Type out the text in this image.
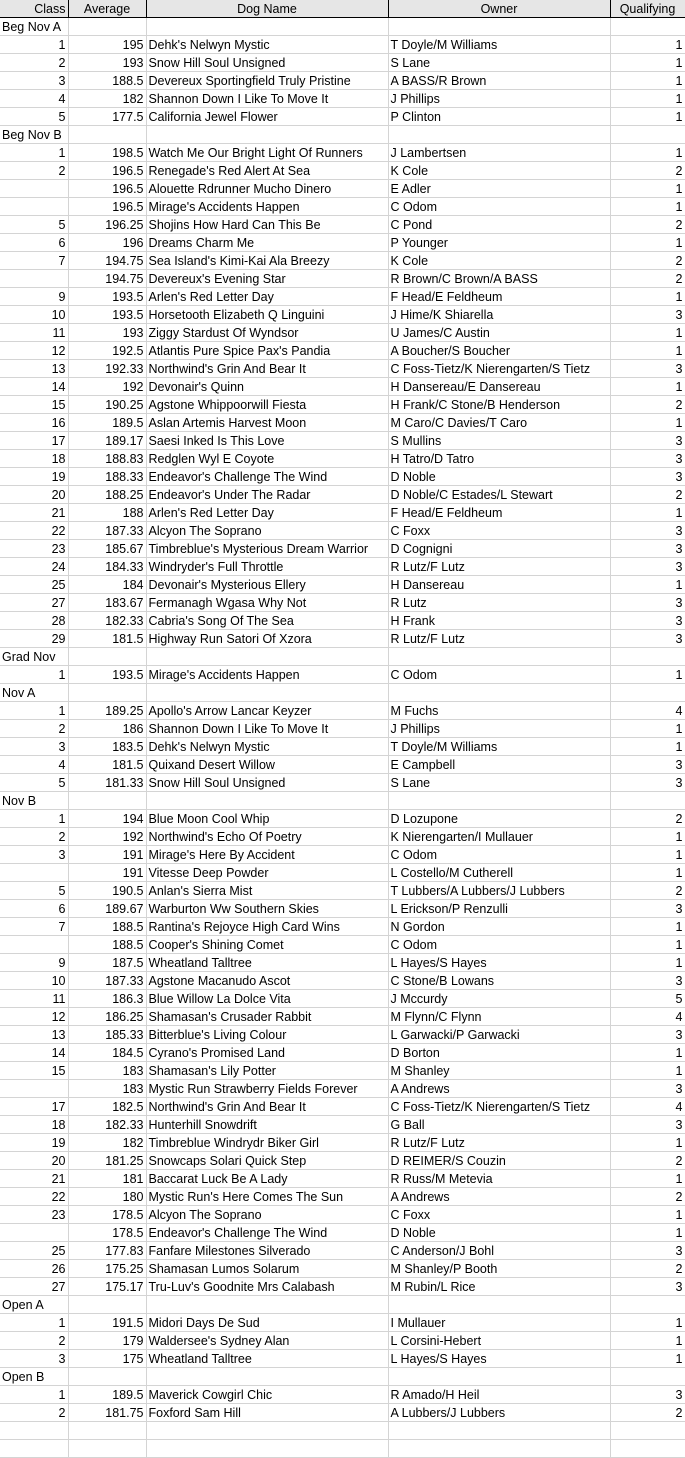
Class	Average	Dog Name	Owner	Qualifying
Beg Nov A				
1	195	Dehk's Nelwyn Mystic	T Doyle/M Williams	1
2	193	Snow Hill Soul Unsigned	S Lane	1
3	188.5	Devereux Sportingfield Truly Pristine	A BASS/R Brown	1
4	182	Shannon Down I Like To Move It	J Phillips	1
5	177.5	California Jewel Flower	P Clinton	1
Beg Nov B				
1	198.5	Watch Me Our Bright Light Of Runners	J Lambertsen	1
2	196.5	Renegade's Red Alert At Sea	K Cole	2
	196.5	Alouette Rdrunner Mucho Dinero	E Adler	1
	196.5	Mirage's Accidents Happen	C Odom	1
5	196.25	Shojins How Hard Can This Be	C Pond	2
6	196	Dreams Charm Me	P Younger	1
7	194.75	Sea Island's Kimi-Kai Ala Breezy	K Cole	2
	194.75	Devereux's Evening Star	R Brown/C Brown/A BASS	2
9	193.5	Arlen's Red Letter Day	F Head/E Feldheum	1
10	193.5	Horsetooth Elizabeth Q Linguini	J Hime/K Shiarella	3
11	193	Ziggy Stardust Of Wyndsor	U James/C Austin	1
12	192.5	Atlantis Pure Spice Pax's Pandia	A Boucher/S Boucher	1
13	192.33	Northwind's Grin And Bear It	C Foss-Tietz/K Nierengarten/S Tietz	3
14	192	Devonair's Quinn	H Dansereau/E Dansereau	1
15	190.25	Agstone Whippoorwill Fiesta	H Frank/C Stone/B Henderson	2
16	189.5	Aslan Artemis Harvest Moon	M Caro/C Davies/T Caro	1
17	189.17	Saesi Inked Is This Love	S Mullins	3
18	188.83	Redglen Wyl E Coyote	H Tatro/D Tatro	3
19	188.33	Endeavor's Challenge The Wind	D Noble	3
20	188.25	Endeavor's Under The Radar	D Noble/C Estades/L Stewart	2
21	188	Arlen's Red Letter Day	F Head/E Feldheum	1
22	187.33	Alcyon The Soprano	C Foxx	3
23	185.67	Timbreblue's Mysterious Dream Warrior	D Cognigni	3
24	184.33	Windryder's Full Throttle	R Lutz/F Lutz	3
25	184	Devonair's Mysterious Ellery	H Dansereau	1
27	183.67	Fermanagh Wgasa Why Not	R Lutz	3
28	182.33	Cabria's Song Of The Sea	H Frank	3
29	181.5	Highway Run Satori Of Xzora	R Lutz/F Lutz	3
Grad Nov				
1	193.5	Mirage's Accidents Happen	C Odom	1
Nov A				
1	189.25	Apollo's Arrow Lancar Keyzer	M Fuchs	4
2	186	Shannon Down I Like To Move It	J Phillips	1
3	183.5	Dehk's Nelwyn Mystic	T Doyle/M Williams	1
4	181.5	Quixand Desert Willow	E Campbell	3
5	181.33	Snow Hill Soul Unsigned	S Lane	3
Nov B				
1	194	Blue Moon Cool Whip	D Lozupone	2
2	192	Northwind's Echo Of Poetry	K Nierengarten/I Mullauer	1
3	191	Mirage's Here By Accident	C Odom	1
	191	Vitesse Deep Powder	L Costello/M Cutherell	1
5	190.5	Anlan's Sierra Mist	T Lubbers/A Lubbers/J Lubbers	2
6	189.67	Warburton Ww Southern Skies	L Erickson/P Renzulli	3
7	188.5	Rantina's Rejoyce High Card Wins	N Gordon	1
	188.5	Cooper's Shining Comet	C Odom	1
9	187.5	Wheatland Talltree	L Hayes/S Hayes	1
10	187.33	Agstone Macanudo Ascot	C Stone/B Lowans	3
11	186.3	Blue Willow La Dolce Vita	J Mccurdy	5
12	186.25	Shamasan's Crusader Rabbit	M Flynn/C Flynn	4
13	185.33	Bitterblue's Living Colour	L Garwacki/P Garwacki	3
14	184.5	Cyrano's Promised Land	D Borton	1
15	183	Shamasan's Lily Potter	M Shanley	1
	183	Mystic Run Strawberry Fields Forever	A Andrews	3
17	182.5	Northwind's Grin And Bear It	C Foss-Tietz/K Nierengarten/S Tietz	4
18	182.33	Hunterhill Snowdrift	G Ball	3
19	182	Timbreblue Windrydr Biker Girl	R Lutz/F Lutz	1
20	181.25	Snowcaps Solari Quick Step	D REIMER/S Couzin	2
21	181	Baccarat Luck Be A Lady	R Russ/M Metevia	1
22	180	Mystic Run's Here Comes The Sun	A Andrews	2
23	178.5	Alcyon The Soprano	C Foxx	1
	178.5	Endeavor's Challenge The Wind	D Noble	1
25	177.83	Fanfare Milestones Silverado	C Anderson/J Bohl	3
26	175.25	Shamasan Lumos Solarum	M Shanley/P Booth	2
27	175.17	Tru-Luv's Goodnite Mrs Calabash	M Rubin/L Rice	3
Open A				
1	191.5	Midori Days De Sud	I Mullauer	1
2	179	Waldersee's Sydney Alan	L Corsini-Hebert	1
3	175	Wheatland Talltree	L Hayes/S Hayes	1
Open B				
1	189.5	Maverick Cowgirl Chic	R Amado/H Heil	3
2	181.75	Foxford Sam Hill	A Lubbers/J Lubbers	2
